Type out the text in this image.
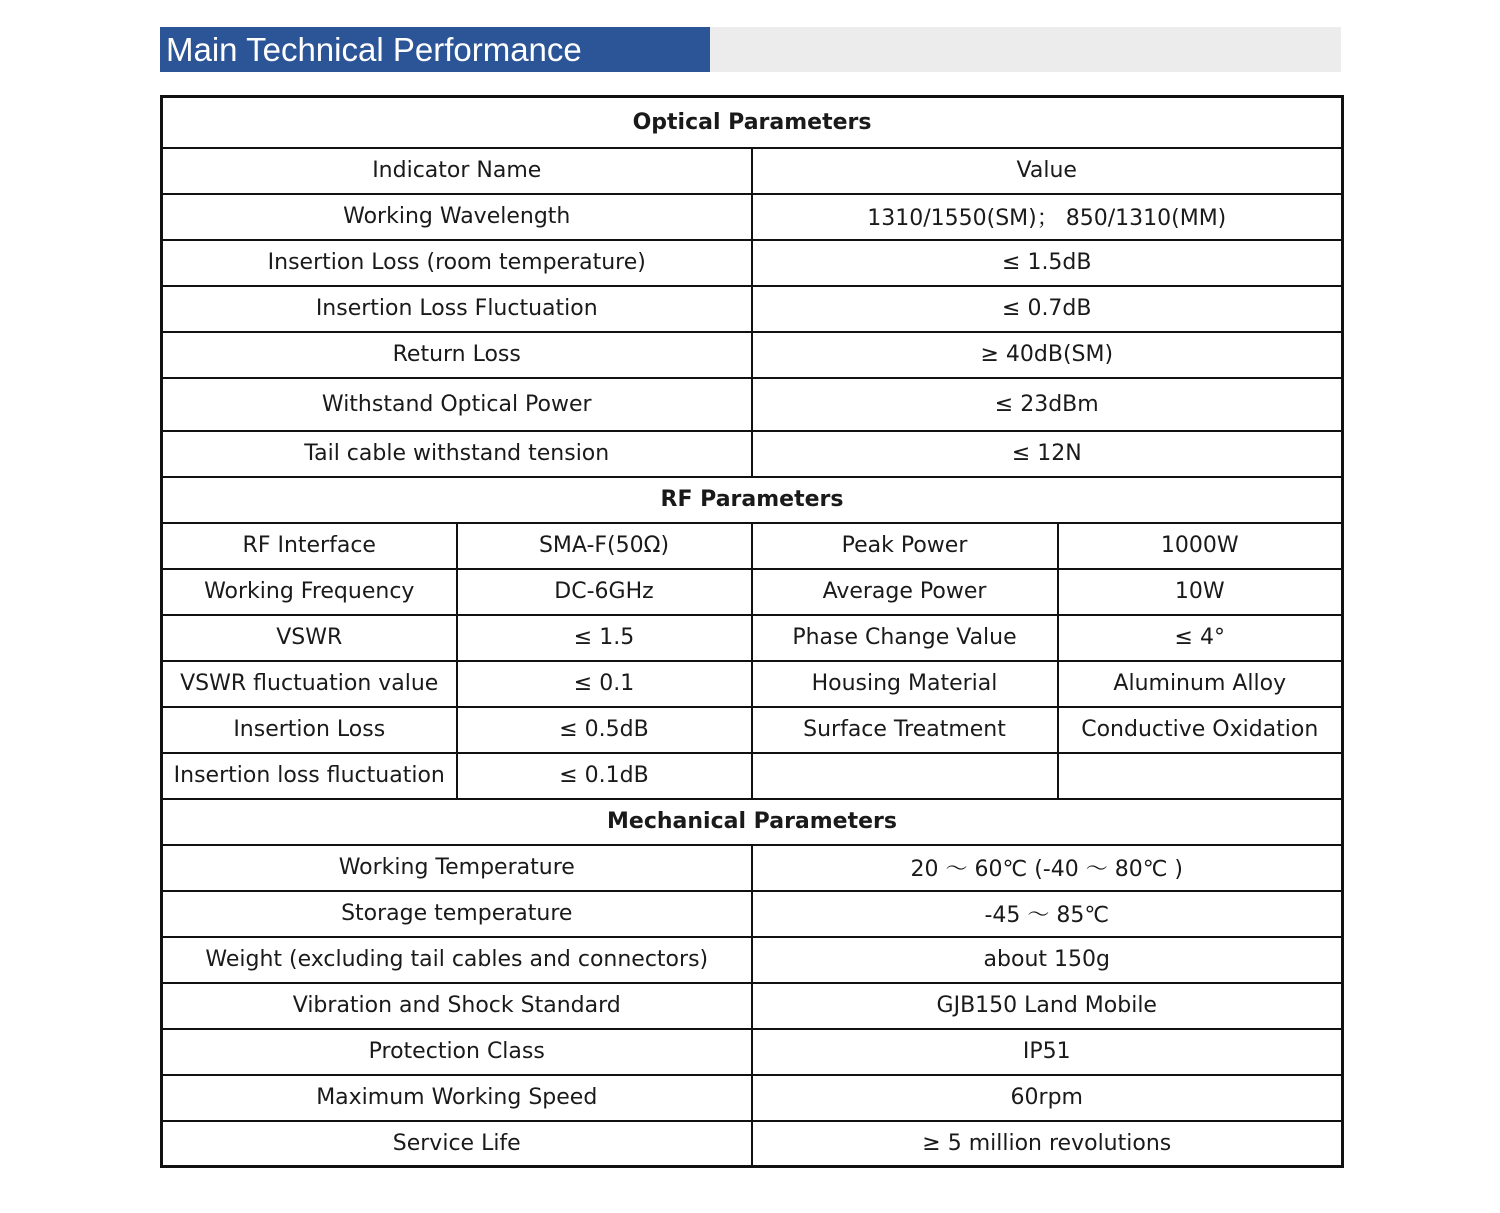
Main Technical Performance
Optical Parameters			
Indicator Name		Value	
Working Wavelength		1310/1550(SM)； 850/1310(MM)	
Insertion Loss (room temperature)		≤ 1.5dB	
Insertion Loss Fluctuation		≤ 0.7dB	
Return Loss		≥ 40dB(SM)	
Withstand Optical Power		≤ 23dBm	
Tail cable withstand tension		≤ 12N	
RF Parameters			
RF Interface	SMA-F(50Ω)	Peak Power	1000W
Working Frequency	DC-6GHz	Average Power	10W
VSWR	≤ 1.5	Phase Change Value	≤ 4°
VSWR fluctuation value	≤ 0.1	Housing Material	Aluminum Alloy
Insertion Loss	≤ 0.5dB	Surface Treatment	Conductive Oxidation
Insertion loss fluctuation	≤ 0.1dB		
Mechanical Parameters			
Working Temperature		20 ～ 60℃ (-40 ～ 80℃ )	
Storage temperature		-45 ～ 85℃	
Weight (excluding tail cables and connectors)		about 150g	
Vibration and Shock Standard		GJB150 Land Mobile	
Protection Class		IP51	
Maximum Working Speed		60rpm	
Service Life		≥ 5 million revolutions	
